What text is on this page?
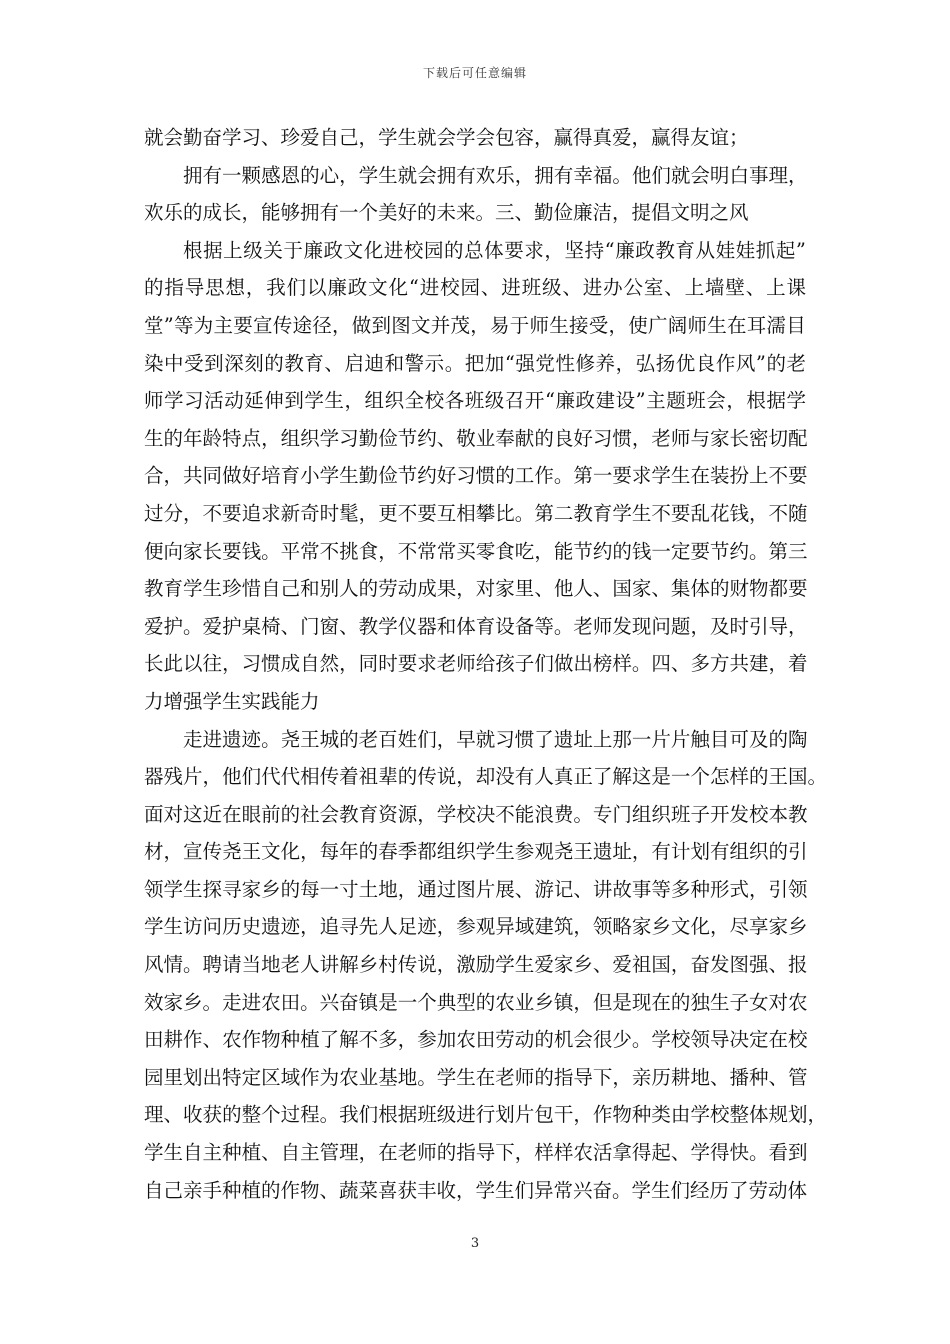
下载后可任意编辑
就会勤奋学习、珍爱自己，学生就会学会包容，赢得真爱，赢得友谊；
拥 有 一 颗 感 恩 的 心 ， 学 生 就 会 拥 有 欢 乐 ， 拥 有 幸 福 。 他 们 就 会 明 白 事 理 ，
欢乐的成长，能够拥有一个美好的未来。三、勤俭廉洁，提倡文明之风
根 据 上 级 关 于 廉 政 文 化 进 校 园 的 总 体 要 求 ， 坚 持 “ 廉 政 教 育 从 娃 娃 抓 起 ”
的 指 导 思 想 ， 我 们 以 廉 政 文 化 “ 进 校 园 、 进 班 级 、 进 办 公 室 、 上 墙 壁 、 上 课
堂 ” 等 为 主 要 宣 传 途 径 ， 做 到 图 文 并 茂 ， 易 于 师 生 接 受 ， 使 广 阔 师 生 在 耳 濡 目
染 中 受 到 深 刻 的 教 育 、 启 迪 和 警 示 。 把 加 “ 强 党 性 修 养 ， 弘 扬 优 良 作 风 ” 的 老
师 学 习 活 动 延 伸 到 学 生 ， 组 织 全 校 各 班 级 召 开 “ 廉 政 建 设 ” 主 题 班 会 ， 根 据 学
生 的 年 龄 特 点 ， 组 织 学 习 勤 俭 节 约 、 敬 业 奉 献 的 良 好 习 惯 ， 老 师 与 家 长 密 切 配
合 ， 共 同 做 好 培 育 小 学 生 勤 俭 节 约 好 习 惯 的 工 作 。 第 一 要 求 学 生 在 装 扮 上 不 要
过 分 ， 不 要 追 求 新 奇 时 髦 ， 更 不 要 互 相 攀 比 。 第 二 教 育 学 生 不 要 乱 花 钱 ， 不 随
便 向 家 长 要 钱 。 平 常 不 挑 食 ， 不 常 常 买 零 食 吃 ， 能 节 约 的 钱 一 定 要 节 约 。 第 三
教 育 学 生 珍 惜 自 己 和 别 人 的 劳 动 成 果 ， 对 家 里 、 他 人 、 国 家 、 集 体 的 财 物 都 要
爱 护 。 爱 护 桌 椅 、 门 窗 、 教 学 仪 器 和 体 育 设 备 等 。 老 师 发 现 问 题 ， 及 时 引 导 ，
长 此 以 往 ， 习 惯 成 自 然 ， 同 时 要 求 老 师 给 孩 子 们 做 出 榜 样 。 四 、 多 方 共 建 ， 着
力增强学生实践能力
走 进 遗 迹 。 尧 王 城 的 老 百 姓 们 ， 早 就 习 惯 了 遗 址 上 那 一 片 片 触 目 可 及 的 陶
器 残 片 ， 他 们 代 代 相 传 着 祖 辈 的 传 说 ， 却 没 有 人 真 正 了 解 这 是 一 个 怎 样 的 王 国 。
面 对 这 近 在 眼 前 的 社 会 教 育 资 源 ， 学 校 决 不 能 浪 费 。 专 门 组 织 班 子 开 发 校 本 教
材 ， 宣 传 尧 王 文 化 ， 每 年 的 春 季 都 组 织 学 生 参 观 尧 王 遗 址 ， 有 计 划 有 组 织 的 引
领 学 生 探 寻 家 乡 的 每 一 寸 土 地 ， 通 过 图 片 展 、 游 记 、 讲 故 事 等 多 种 形 式 ， 引 领
学 生 访 问 历 史 遗 迹 ， 追 寻 先 人 足 迹 ， 参 观 异 域 建 筑 ， 领 略 家 乡 文 化 ， 尽 享 家 乡
风 情 。 聘 请 当 地 老 人 讲 解 乡 村 传 说 ， 激 励 学 生 爱 家 乡 、 爱 祖 国 ， 奋 发 图 强 、 报
效 家 乡 。 走 进 农 田 。 兴 奋 镇 是 一 个 典 型 的 农 业 乡 镇 ， 但 是 现 在 的 独 生 子 女 对 农
田 耕 作 、 农 作 物 种 植 了 解 不 多 ， 参 加 农 田 劳 动 的 机 会 很 少 。 学 校 领 导 决 定 在 校
园 里 划 出 特 定 区 域 作 为 农 业 基 地 。 学 生 在 老 师 的 指 导 下 ， 亲 历 耕 地 、 播 种 、 管
理 、 收 获 的 整 个 过 程 。 我 们 根 据 班 级 进 行 划 片 包 干 ， 作 物 种 类 由 学 校 整 体 规 划 ，
学 生 自 主 种 植 、 自 主 管 理 ， 在 老 师 的 指 导 下 ， 样 样 农 活 拿 得 起 、 学 得 快 。 看 到
自己亲手种植的作物、蔬菜喜获丰收，学生们异常兴奋。学生们经历了劳动体
3
